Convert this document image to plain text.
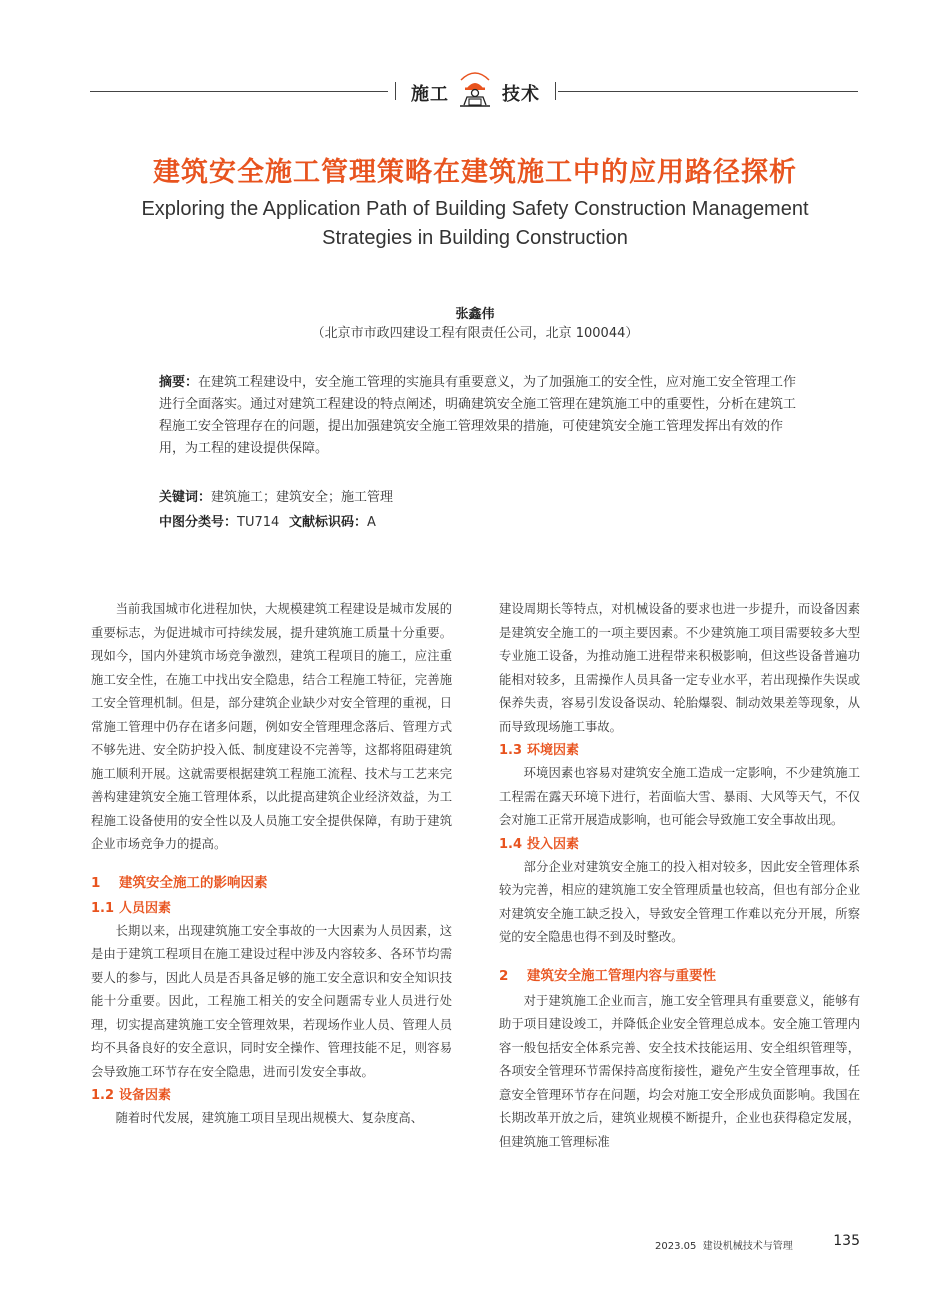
施工	技术
建筑安全施工管理策略在建筑施工中的应用路径探析
Exploring the Application Path of Building Safety Construction Management
Strategies in Building Construction
张鑫伟
（北京市市政四建设工程有限责任公司，北京 100044）
摘要：在建筑工程建设中，安全施工管理的实施具有重要意义，为了加强施工的安全性，应对施工安全管理工作进行全面落实。通过对建筑工程建设的特点阐述，明确建筑安全施工管理在建筑施工中的重要性，分析在建筑工程施工安全管理存在的问题，提出加强建筑安全施工管理效果的措施，可使建筑安全施工管理发挥出有效的作用，为工程的建设提供保障。
关键词：建筑施工；建筑安全；施工管理
中图分类号：TU714 文献标识码：A

当前我国城市化进程加快，大规模建筑工程建设是城市发展的重要标志，为促进城市可持续发展，提升建筑施工质量十分重要。现如今，国内外建筑市场竞争激烈，建筑工程项目的施工，应注重施工安全性，在施工中找出安全隐患，结合工程施工特征，完善施工安全管理机制。但是，部分建筑企业缺少对安全管理的重视，日常施工管理中仍存在诸多问题，例如安全管理理念落后、管理方式不够先进、安全防护投入低、制度建设不完善等，这都将阻碍建筑施工顺利开展。这就需要根据建筑工程施工流程、技术与工艺来完善构建建筑安全施工管理体系，以此提高建筑企业经济效益，为工程施工设备使用的安全性以及人员施工安全提供保障，有助于建筑企业市场竞争力的提高。

1 建筑安全施工的影响因素
1.1 人员因素

长期以来，出现建筑施工安全事故的一大因素为人员因素，这是由于建筑工程项目在施工建设过程中涉及内容较多、各环节均需要人的参与，因此人员是否具备足够的施工安全意识和安全知识技能十分重要。因此，工程施工相关的安全问题需专业人员进行处理，切实提高建筑施工安全管理效果，若现场作业人员、管理人员均不具备良好的安全意识，同时安全操作、管理技能不足，则容易会导致施工环节存在安全隐患，进而引发安全事故。

1.2 设备因素

随着时代发展，建筑施工项目呈现出规模大、复杂度高、

建设周期长等特点，对机械设备的要求也进一步提升，而设备因素是建筑安全施工的一项主要因素。不少建筑施工项目需要较多大型专业施工设备，为推动施工进程带来积极影响，但这些设备普遍功能相对较多，且需操作人员具备一定专业水平，若出现操作失误或保养失责，容易引发设备误动、轮胎爆裂、制动效果差等现象，从而导致现场施工事故。

1.3 环境因素

环境因素也容易对建筑安全施工造成一定影响，不少建筑施工工程需在露天环境下进行，若面临大雪、暴雨、大风等天气，不仅会对施工正常开展造成影响，也可能会导致施工安全事故出现。

1.4 投入因素

部分企业对建筑安全施工的投入相对较多，因此安全管理体系较为完善，相应的建筑施工安全管理质量也较高，但也有部分企业对建筑安全施工缺乏投入，导致安全管理工作难以充分开展，所察觉的安全隐患也得不到及时整改。

2 建筑安全施工管理内容与重要性

对于建筑施工企业而言，施工安全管理具有重要意义，能够有助于项目建设竣工，并降低企业安全管理总成本。安全施工管理内容一般包括安全体系完善、安全技术技能运用、安全组织管理等，各项安全管理环节需保持高度衔接性，避免产生安全管理事故，任意安全管理环节存在问题，均会对施工安全形成负面影响。我国在长期改革开放之后，建筑业规模不断提升，企业也获得稳定发展，但建筑施工管理标准

2023.05 建设机械技术与管理	135
